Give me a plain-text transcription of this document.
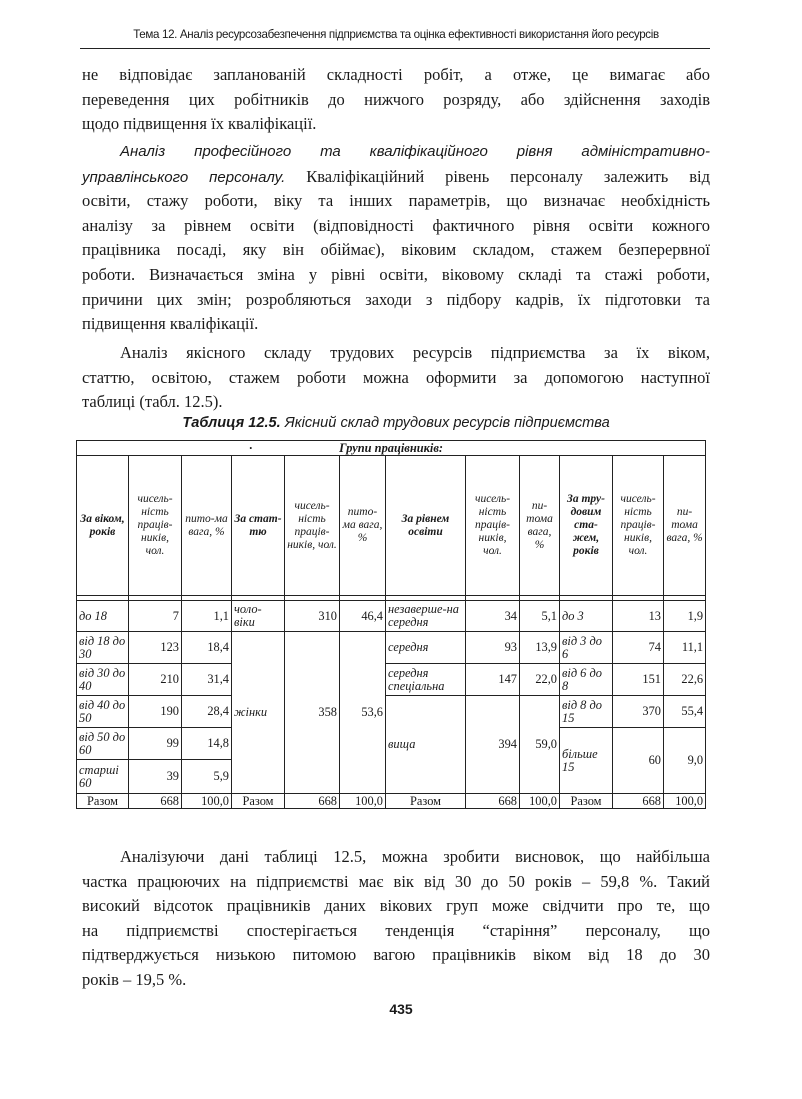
Тема 12. Аналіз ресурсозабезпечення підприємства та оцінка ефективності використання його ресурсів
не відповідає запланованій складності робіт, а отже, це вимагає або
переведення цих робітників до нижчого розряду, або здійснення заходів
щодо підвищення їх кваліфікації.
Аналіз професійного та кваліфікаційного рівня адміністративно-
управлінського персоналу. Кваліфікаційний рівень персоналу залежить від
освіти, стажу роботи, віку та інших параметрів, що визначає необхідність
аналізу за рівнем освіти (відповідності фактичного рівня освіти кожного
працівника посаді, яку він обіймає), віковим складом, стажем безперервної
роботи. Визначається зміна у рівні освіти, віковому складі та стажі роботи,
причини цих змін; розробляються заходи з підбору кадрів, їх підготовки та
підвищення кваліфікації.
Аналіз якісного складу трудових ресурсів підприємства за їх віком,
статтю, освітою, стажем роботи можна оформити за допомогою наступної
таблиці (табл. 12.5).
Таблиця 12.5. Якісний склад трудових ресурсів підприємства
· Групи працівників:											
За віком, років	чисель-ність праців-ників, чол.	пито-ма вага, %	За стат-тю	чисель-ність праців-ників, чол.	пито-ма вага, %	За рівнем освіти	чисель-ність праців-ників, чол.	пи-тома вага, %	За тру-довим ста-жем, років	чисель-ність праців-ників, чол.	пи-тома вага, %

до 18	7	1,1	чоло-віки	310	46,4	незаверше-на середня	34	5,1	до 3	13	1,9
від 18 до 30	123	18,4	жінки	358	53,6	середня	93	13,9	від 3 до 6	74	11,1
від 30 до 40	210	31,4				середня спеціальна	147	22,0	від 6 до 8	151	22,6
від 40 до 50	190	28,4				вища	394	59,0	від 8 до 15	370	55,4
від 50 до 60	99	14,8							більше 15	60	9,0
старші 60	39	5,9									
Разом	668	100,0	Разом	668	100,0	Разом	668	100,0	Разом	668	100,0
Аналізуючи дані таблиці 12.5, можна зробити висновок, що найбільша
частка працюючих на підприємстві має вік від 30 до 50 років – 59,8 %. Такий
високий відсоток працівників даних вікових груп може свідчити про те, що
на підприємстві спостерігається тенденція “старіння” персоналу, що
підтверджується низькою питомою вагою працівників віком від 18 до 30
років – 19,5 %.
435
